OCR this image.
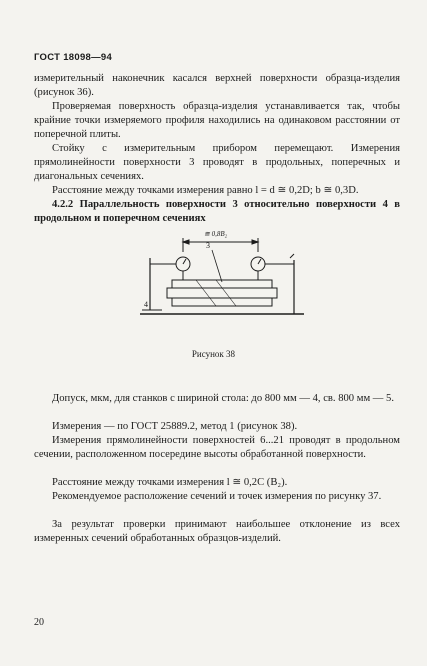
ГОСТ 18098—94

измерительный наконечник касался верхней поверхности образца-изделия (рисунок 36).

Проверяемая поверхность образца-изделия устанавливается так, чтобы крайние точки измеряемого профиля находились на одинаковом расстоянии от поперечной плиты.

Стойку с измерительным прибором перемещают. Измерения прямолинейности поверхности 3 проводят в продольных, поперечных и диагональных сечениях.

Расстояние между точками измерения равно l = d ≅ 0,2D; b ≅ 0,3D.

4.2.2 Параллельность поверхности 3 относительно поверхности 4 в продольном и поперечном сечениях

≅ 0,8B₂
3
4
Рисунок 38

Допуск, мкм, для станков с шириной стола: до 800 мм — 4, св. 800 мм — 5.

Измерения — по ГОСТ 25889.2, метод 1 (рисунок 38).

Измерения прямолинейности поверхностей 6...21 проводят в продольном сечении, расположенном посередине высоты обработанной поверхности.

Расстояние между точками измерения l ≅ 0,2C (B₂).

Рекомендуемое расположение сечений и точек измерения по рисунку 37.

За результат проверки принимают наибольшее отклонение из всех измеренных сечений обработанных образцов-изделий.

20
